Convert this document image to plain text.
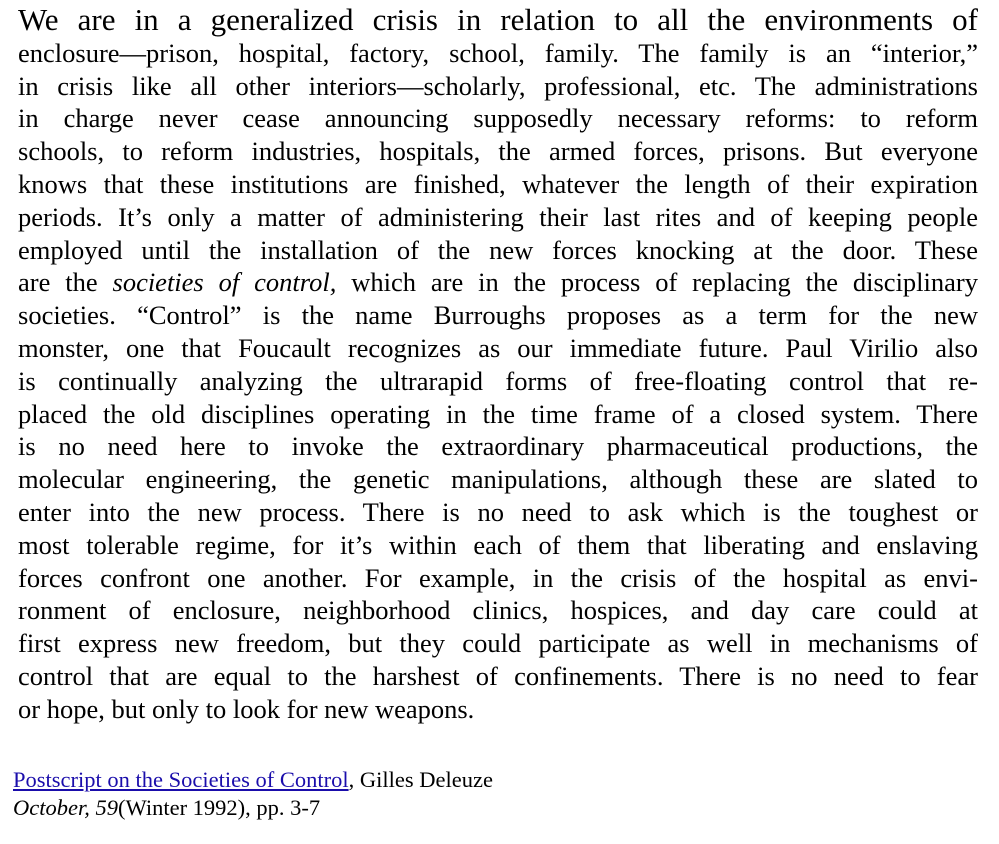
We are in a generalized crisis in relation to all the environments of
enclosure—prison, hospital, factory, school, family. The family is an “interior,”
in crisis like all other interiors—scholarly, professional, etc. The administrations
in charge never cease announcing supposedly necessary reforms: to reform
schools, to reform industries, hospitals, the armed forces, prisons. But everyone
knows that these institutions are finished, whatever the length of their expiration
periods. It’s only a matter of administering their last rites and of keeping people
employed until the installation of the new forces knocking at the door. These
are the societies of control, which are in the process of replacing the disciplinary
societies. “Control” is the name Burroughs proposes as a term for the new
monster, one that Foucault recognizes as our immediate future. Paul Virilio also
is continually analyzing the ultrarapid forms of free-floating control that re-
placed the old disciplines operating in the time frame of a closed system. There
is no need here to invoke the extraordinary pharmaceutical productions, the
molecular engineering, the genetic manipulations, although these are slated to
enter into the new process. There is no need to ask which is the toughest or
most tolerable regime, for it’s within each of them that liberating and enslaving
forces confront one another. For example, in the crisis of the hospital as envi-
ronment of enclosure, neighborhood clinics, hospices, and day care could at
first express new freedom, but they could participate as well in mechanisms of
control that are equal to the harshest of confinements. There is no need to fear
or hope, but only to look for new weapons.
Postscript on the Societies of Control, Gilles Deleuze
October, 59(Winter 1992), pp. 3-7
